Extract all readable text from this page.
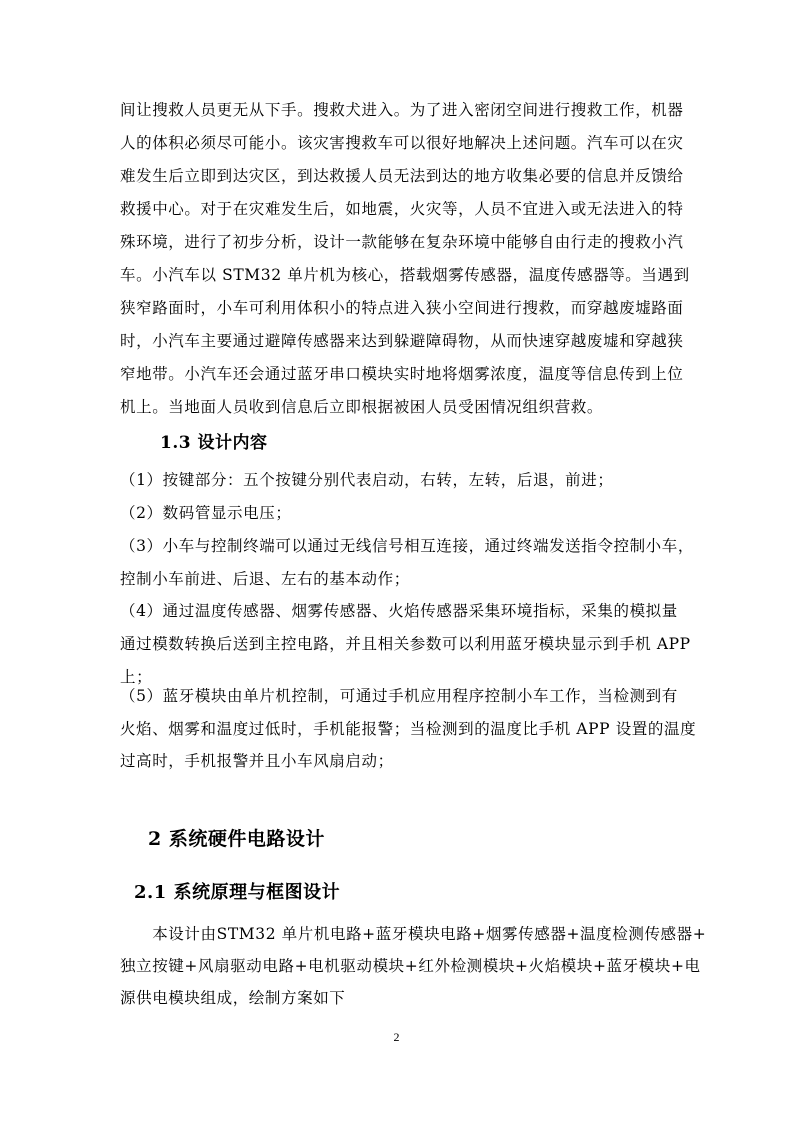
间让搜救人员更无从下手。搜救犬进入。为了进入密闭空间进行搜救工作，机器
人的体积必须尽可能小。该灾害搜救车可以很好地解决上述问题。汽车可以在灾
难发生后立即到达灾区，到达救援人员无法到达的地方收集必要的信息并反馈给
救援中心。对于在灾难发生后，如地震，火灾等，人员不宜进入或无法进入的特
殊环境，进行了初步分析，设计一款能够在复杂环境中能够自由行走的搜救小汽
车。小汽车以 STM32 单片机为核心，搭载烟雾传感器，温度传感器等。当遇到
狭窄路面时，小车可利用体积小的特点进入狭小空间进行搜救，而穿越废墟路面
时，小汽车主要通过避障传感器来达到躲避障碍物，从而快速穿越废墟和穿越狭
窄地带。小汽车还会通过蓝牙串口模块实时地将烟雾浓度，温度等信息传到上位
机上。当地面人员收到信息后立即根据被困人员受困情况组织营救。
1.3 设计内容
（1）按键部分：五个按键分别代表启动，右转，左转，后退，前进；
（2）数码管显示电压；
（3）小车与控制终端可以通过无线信号相互连接，通过终端发送指令控制小车，
控制小车前进、后退、左右的基本动作；
（4）通过温度传感器、烟雾传感器、火焰传感器采集环境指标，采集的模拟量
通过模数转换后送到主控电路，并且相关参数可以利用蓝牙模块显示到手机 APP
上；
（5）蓝牙模块由单片机控制，可通过手机应用程序控制小车工作，当检测到有
火焰、烟雾和温度过低时，手机能报警；当检测到的温度比手机 APP 设置的温度
过高时，手机报警并且小车风扇启动；
2 系统硬件电路设计
2.1 系统原理与框图设计
　　本设计由STM32 单片机电路+蓝牙模块电路+烟雾传感器+温度检测传感器+
独立按键+风扇驱动电路+电机驱动模块+红外检测模块+火焰模块+蓝牙模块+电
源供电模块组成，绘制方案如下
2
